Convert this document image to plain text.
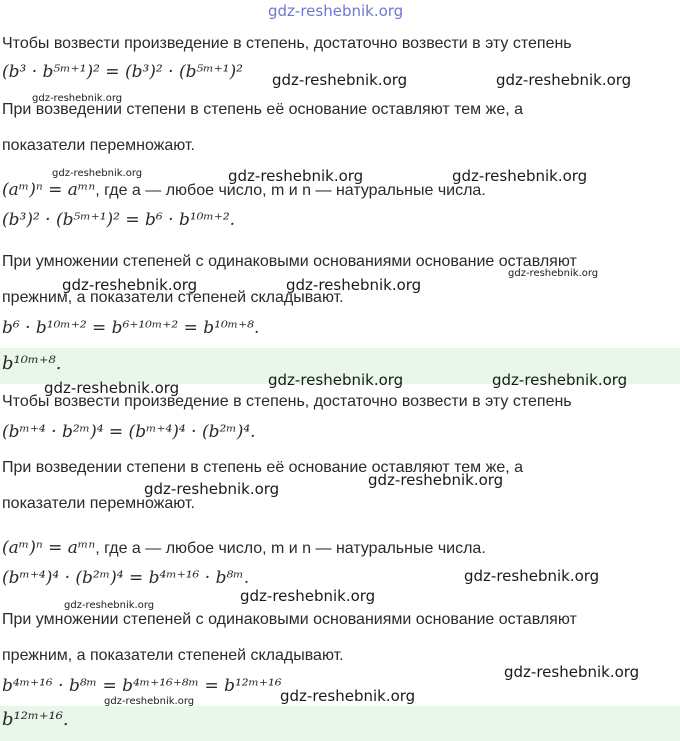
Чтобы возвести произведение в степень, достаточно возвести в эту степень
(b³ · b⁵ᵐ⁺¹)² = (b³)² · (b⁵ᵐ⁺¹)²
При возведении степени в степень её основание оставляют тем же, а
показатели перемножают.
(aᵐ)ⁿ = aᵐⁿ, где a — любое число, m и n — натуральные числа.
(b³)² · (b⁵ᵐ⁺¹)² = b⁶ · b¹⁰ᵐ⁺².
При умножении степеней с одинаковыми основаниями основание оставляют
прежним, а показатели степеней складывают.
b⁶ · b¹⁰ᵐ⁺² = b⁶⁺¹⁰ᵐ⁺² = b¹⁰ᵐ⁺⁸.
b¹⁰ᵐ⁺⁸.
Чтобы возвести произведение в степень, достаточно возвести в эту степень
(bᵐ⁺⁴ · b²ᵐ)⁴ = (bᵐ⁺⁴)⁴ · (b²ᵐ)⁴.
При возведении степени в степень её основание оставляют тем же, а
показатели перемножают.
(aᵐ)ⁿ = aᵐⁿ, где a — любое число, m и n — натуральные числа.
(bᵐ⁺⁴)⁴ · (b²ᵐ)⁴ = b⁴ᵐ⁺¹⁶ · b⁸ᵐ.
При умножении степеней с одинаковыми основаниями основание оставляют
прежним, а показатели степеней складывают.
b⁴ᵐ⁺¹⁶ · b⁸ᵐ = b⁴ᵐ⁺¹⁶⁺⁸ᵐ = b¹²ᵐ⁺¹⁶
b¹²ᵐ⁺¹⁶.
gdz-reshebnik.org
gdz-reshebnik.org	gdz-reshebnik.org
gdz-reshebnik.org
gdz-reshebnik.org	gdz-reshebnik.org	gdz-reshebnik.org
gdz-reshebnik.org	gdz-reshebnik.org
gdz-reshebnik.org
gdz-reshebnik.org	gdz-reshebnik.org	gdz-reshebnik.org
gdz-reshebnik.org
gdz-reshebnik.org
gdz-reshebnik.org
gdz-reshebnik.org
gdz-reshebnik.org
gdz-reshebnik.org
gdz-reshebnik.org
gdz-reshebnik.org
